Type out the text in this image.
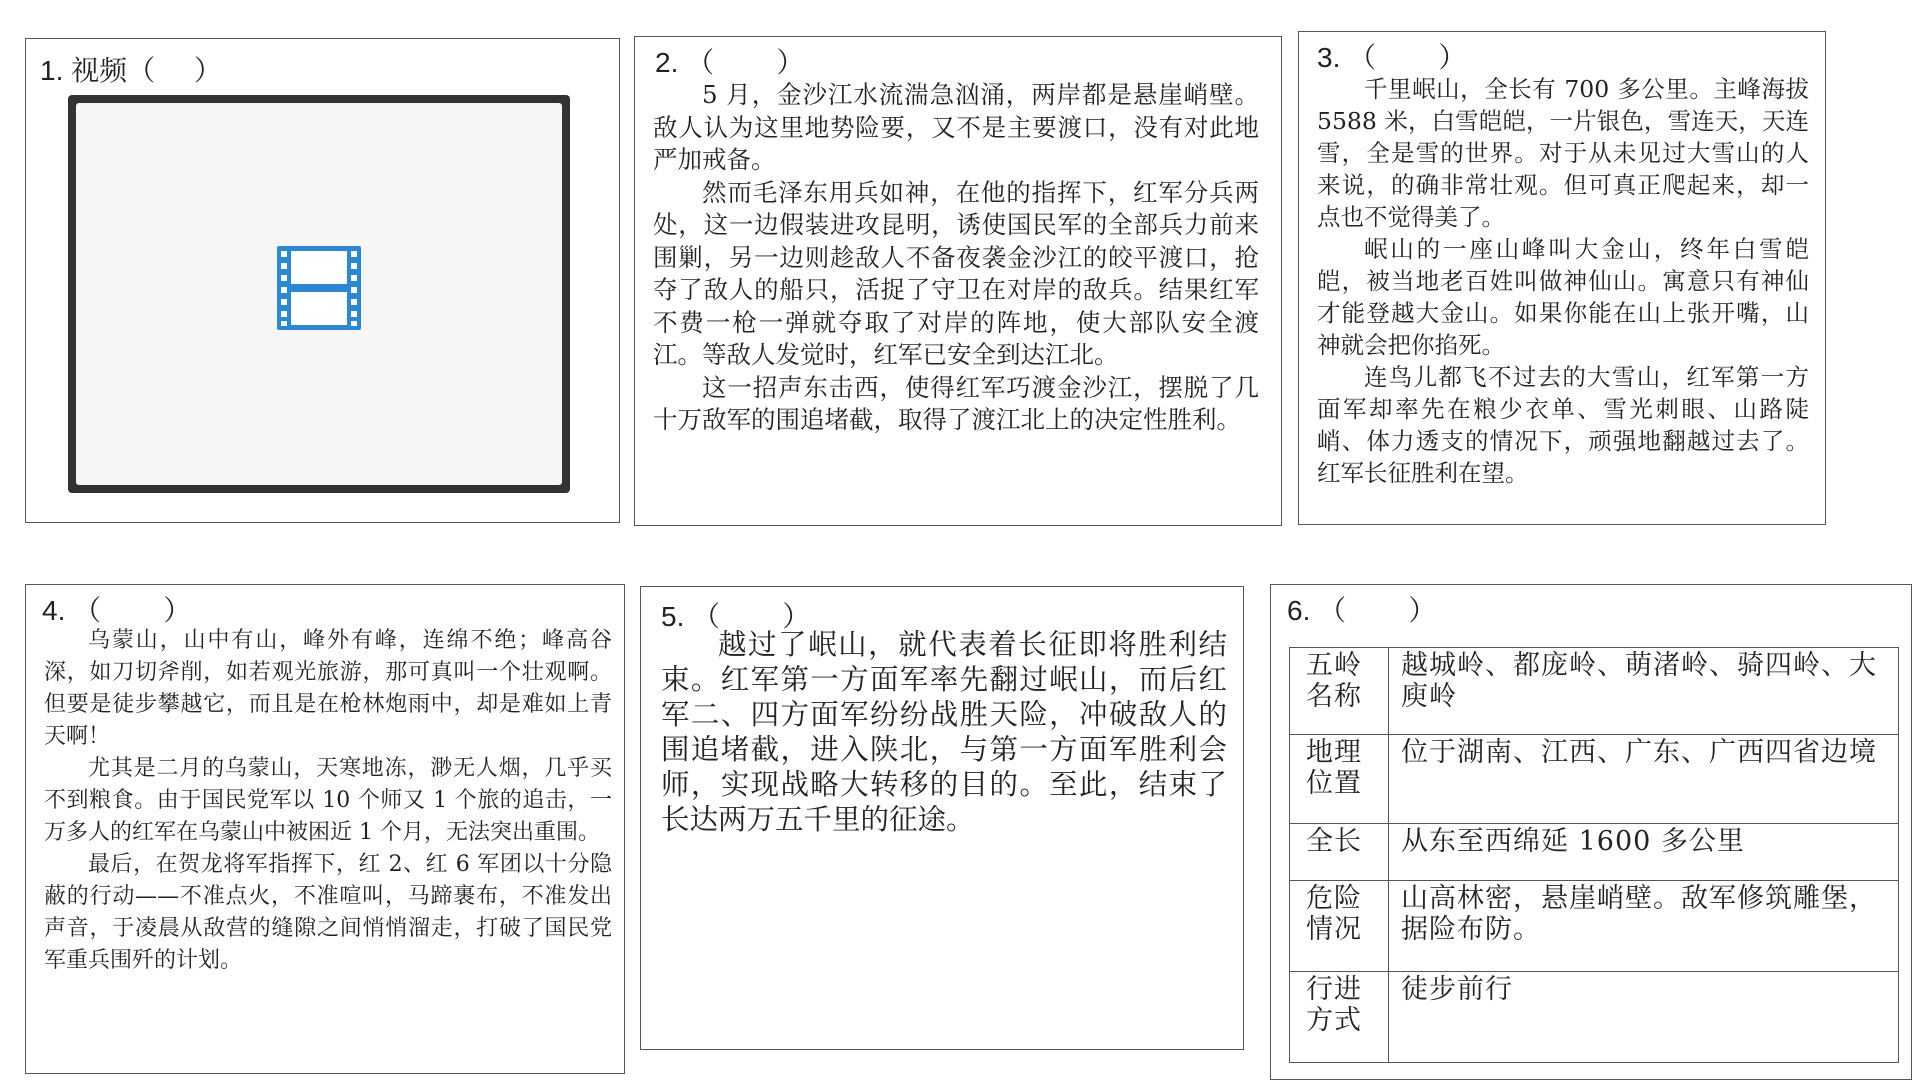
1. 视频（     ）	2. （        ）

5 月，金沙江水流湍急汹涌，两岸都是悬崖峭壁。敌人认为这里地势险要，又不是主要渡口，没有对此地严加戒备。

然而毛泽东用兵如神，在他的指挥下，红军分兵两处，这一边假装进攻昆明，诱使国民军的全部兵力前来围剿，另一边则趁敌人不备夜袭金沙江的皎平渡口，抢夺了敌人的船只，活捉了守卫在对岸的敌兵。结果红军不费一枪一弹就夺取了对岸的阵地，使大部队安全渡江。等敌人发觉时，红军已安全到达江北。

这一招声东击西，使得红军巧渡金沙江，摆脱了几十万敌军的围追堵截，取得了渡江北上的决定性胜利。

3. （        ）

千里岷山，全长有 700 多公里。主峰海拔 5588 米，白雪皑皑，一片银色，雪连天，天连雪，全是雪的世界。对于从未见过大雪山的人来说，的确非常壮观。但可真正爬起来，却一点也不觉得美了。

岷山的一座山峰叫大金山，终年白雪皑皑，被当地老百姓叫做神仙山。寓意只有神仙才能登越大金山。如果你能在山上张开嘴，山神就会把你掐死。

连鸟儿都飞不过去的大雪山，红军第一方面军却率先在粮少衣单、雪光刺眼、山路陡峭、体力透支的情况下，顽强地翻越过去了。红军长征胜利在望。

4. （        ）

乌蒙山，山中有山，峰外有峰，连绵不绝；峰高谷深，如刀切斧削，如若观光旅游，那可真叫一个壮观啊。但要是徒步攀越它，而且是在枪林炮雨中，却是难如上青天啊！

尤其是二月的乌蒙山，天寒地冻，渺无人烟，几乎买不到粮食。由于国民党军以 10 个师又 1 个旅的追击，一万多人的红军在乌蒙山中被困近 1 个月，无法突出重围。

最后，在贺龙将军指挥下，红 2、红 6 军团以十分隐蔽的行动——不准点火，不准喧叫，马蹄裹布，不准发出声音，于凌晨从敌营的缝隙之间悄悄溜走，打破了国民党军重兵围歼的计划。

5. （        ）

越过了岷山，就代表着长征即将胜利结束。红军第一方面军率先翻过岷山，而后红军二、四方面军纷纷战胜天险，冲破敌人的围追堵截，进入陕北，与第一方面军胜利会师，实现战略大转移的目的。至此，结束了长达两万五千里的征途。

6. （        ）
五岭名称	越城岭、都庞岭、萌渚岭、骑四岭、大庾岭
地理位置	位于湖南、江西、广东、广西四省边境
全长	从东至西绵延 1600 多公里
危险情况	山高林密，悬崖峭壁。敌军修筑雕堡，据险布防。
行进方式	徒步前行
